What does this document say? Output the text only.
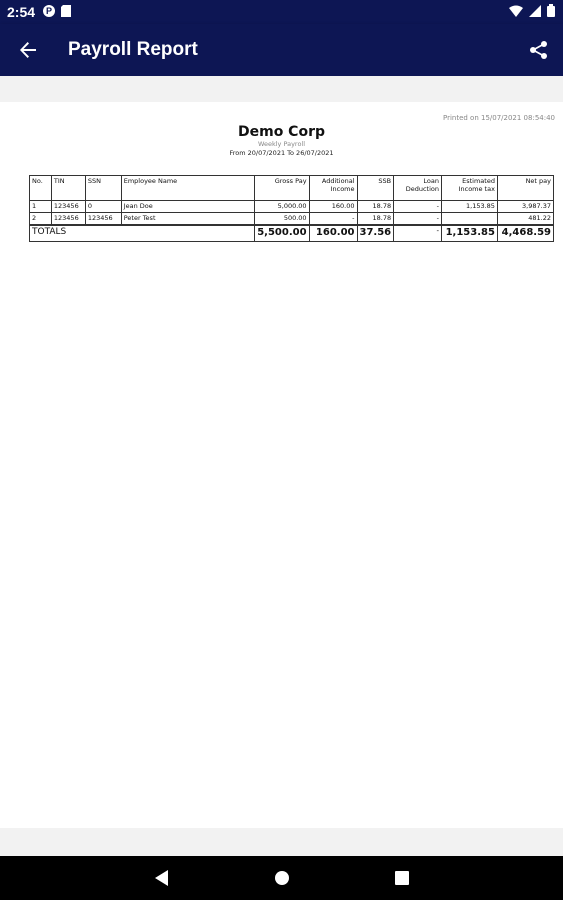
2:54 P
Payroll Report
Printed on 15/07/2021 08:54:40
Demo Corp
Weekly Payroll
From 20/07/2021 To 26/07/2021
No.	TIN	SSN	Employee Name	Gross Pay	Additional Income	SSB	Loan Deduction	Estimated Income tax	Net pay
1	123456	0	Jean Doe	5,000.00	160.00	18.78	-	1,153.85	3,987.37
2	123456	123456	Peter Test	500.00	-	18.78	-		481.22
TOTALS				5,500.00	160.00	37.56	-	1,153.85	4,468.59
